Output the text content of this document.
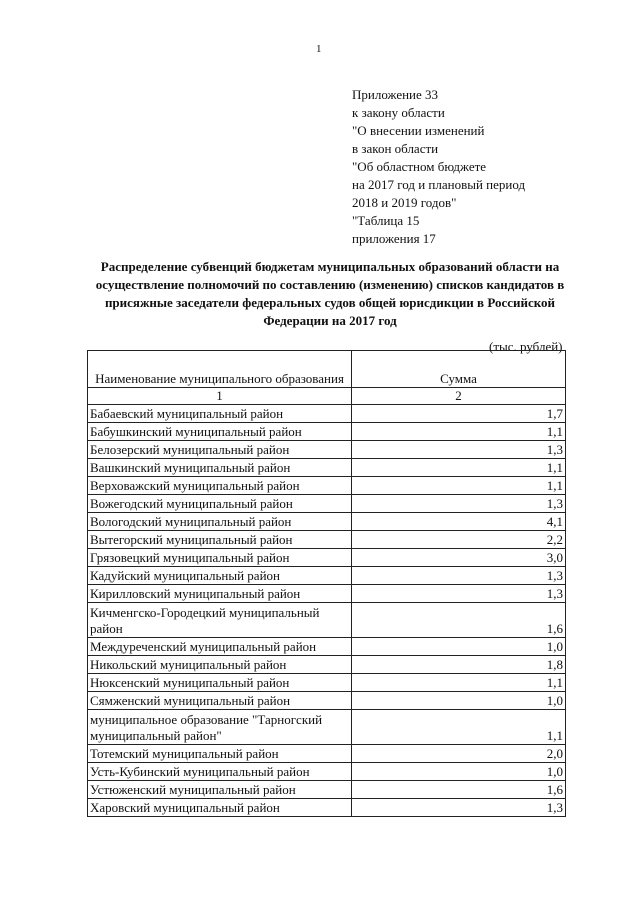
1
Приложение 33
к закону области
"О внесении изменений
в закон области
"Об областном бюджете
на 2017 год и плановый период
2018 и 2019 годов"
"Таблица 15
приложения 17
Распределение субвенций бюджетам муниципальных образований области на осуществление полномочий по составлению (изменению) списков кандидатов в присяжные заседатели федеральных судов общей юрисдикции в Российской Федерации на 2017 год
(тыс. рублей)
Наименование муниципального образования	Сумма
1	2
Бабаевский муниципальный район	1,7
Бабушкинский муниципальный район	1,1
Белозерский муниципальный район	1,3
Вашкинский муниципальный район	1,1
Верховажский муниципальный район	1,1
Вожегодский муниципальный район	1,3
Вологодский муниципальный район	4,1
Вытегорский муниципальный район	2,2
Грязовецкий муниципальный район	3,0
Кадуйский муниципальный район	1,3
Кирилловский муниципальный район	1,3
Кичменгско-Городецкий муниципальный район	1,6
Междуреченский муниципальный район	1,0
Никольский муниципальный район	1,8
Нюксенский муниципальный район	1,1
Сямженский муниципальный район	1,0
муниципальное образование "Тарногский муниципальный район"	1,1
Тотемский муниципальный район	2,0
Усть-Кубинский муниципальный район	1,0
Устюженский муниципальный район	1,6
Харовский муниципальный район	1,3
